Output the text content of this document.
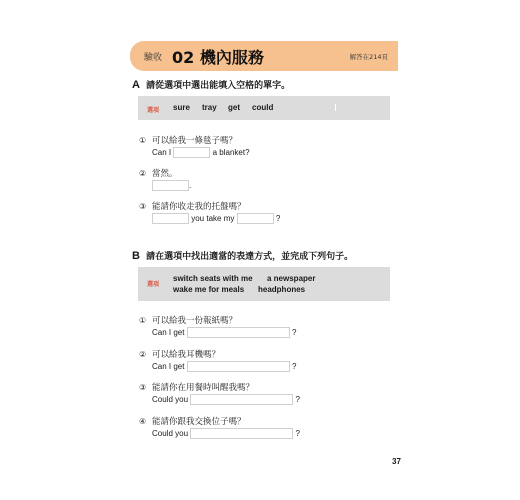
驗收 02 機內服務	解答在214頁
A 請從選項中選出能填入空格的單字。
選項 sure tray get could
① 可以給我一條毯子嗎？
Can I	a blanket?
② 當然。
.
③ 能請你收走我的托盤嗎？
you take my	?
B 請在選項中找出適當的表達方式，並完成下列句子。
選項
switch seats with me a newspaper
wake me for meals headphones
① 可以給我一份報紙嗎？
Can I get	?
② 可以給我耳機嗎？
Can I get	?
③ 能請你在用餐時叫醒我嗎？
Could you	?
④ 能請你跟我交換位子嗎？
Could you	?
37
